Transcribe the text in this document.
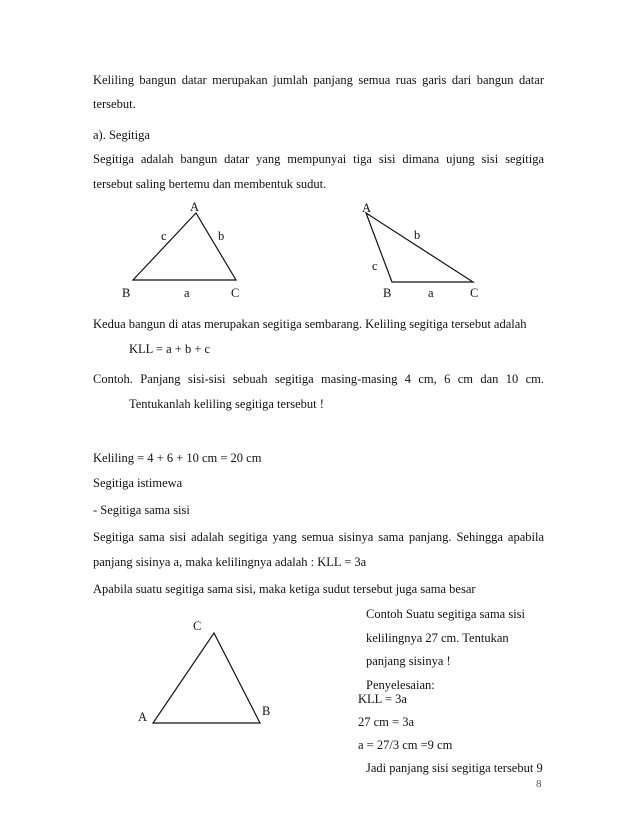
Keliling bangun datar merupakan jumlah panjang semua ruas garis dari bangun datar
tersebut.
a). Segitiga
Segitiga adalah bangun datar yang mempunyai tiga sisi dimana ujung sisi segitiga
tersebut saling bertemu dan membentuk sudut.
A
c	b
B	a	C
A
b
c
B	a	C
Kedua bangun di atas merupakan segitiga sembarang. Keliling segitiga tersebut adalah
KLL = a + b + c
Contoh. Panjang sisi-sisi sebuah segitiga masing-masing 4 cm, 6 cm dan 10 cm.
Tentukanlah keliling segitiga tersebut !
Keliling = 4 + 6 + 10 cm = 20 cm
Segitiga istimewa
- Segitiga sama sisi
Segitiga sama sisi adalah segitiga yang semua sisinya sama panjang. Sehingga apabila
panjang sisinya a, maka kelilingnya adalah : KLL = 3a
Apabila suatu segitiga sama sisi, maka ketiga sudut tersebut juga sama besar
C
A	B
Contoh Suatu segitiga sama sisi
kelilingnya 27 cm. Tentukan
panjang sisinya !
Penyelesaian:
KLL = 3a
27 cm = 3a
a = 27/3 cm =9 cm
Jadi panjang sisi segitiga tersebut 9
8
